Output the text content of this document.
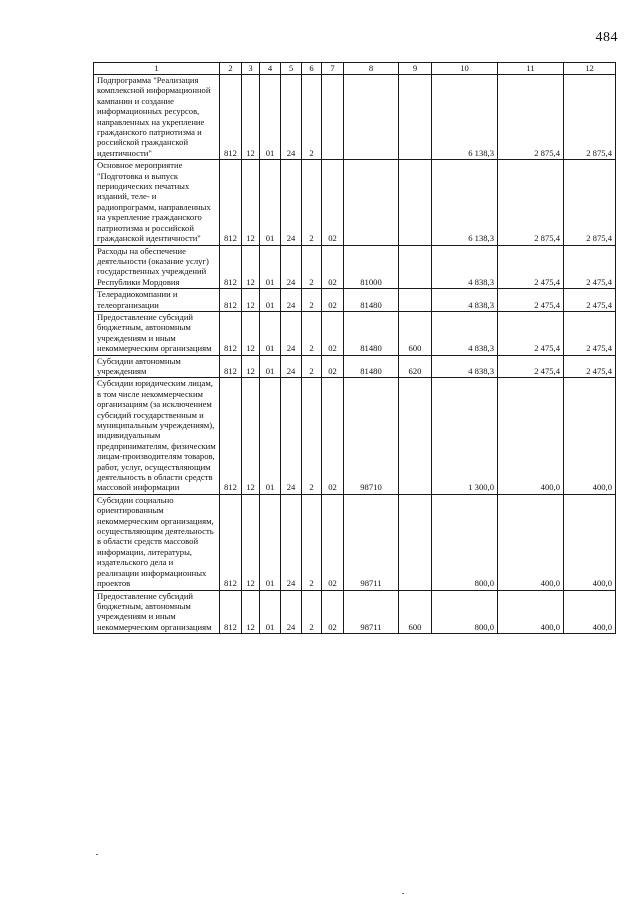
484
1	2	3	4	5	6	7	8	9	10	11	12
Подпрограмма "Реализация комплексной информационной кампании и создание информационных ресурсов, направленных на укрепление гражданского патриотизма и российской гражданской идентичности"	812	12	01	24	2				6 138,3	2 875,4	2 875,4
Основное мероприятие "Подготовка и выпуск периодических печатных изданий, теле- и радиопрограмм, направленных на укрепление гражданского патриотизма и российской гражданской идентичности"	812	12	01	24	2	02			6 138,3	2 875,4	2 875,4
Расходы на обеспечение деятельности (оказание услуг) государственных учреждений Республики Мордовия	812	12	01	24	2	02	81000		4 838,3	2 475,4	2 475,4
Телерадиокомпании и телеорганизации	812	12	01	24	2	02	81480		4 838,3	2 475,4	2 475,4
Предоставление субсидий бюджетным, автономным учреждениям и иным некоммерческим организациям	812	12	01	24	2	02	81480	600	4 838,3	2 475,4	2 475,4
Субсидии автономным учреждениям	812	12	01	24	2	02	81480	620	4 838,3	2 475,4	2 475,4
Субсидии юридическим лицам, в том числе некоммерческим организациям (за исключением субсидий государственным и муниципальным учреждениям), индивидуальным предпринимателям, физическим лицам-производителям товаров, работ, услуг, осуществляющим деятельность в области средств массовой информации	812	12	01	24	2	02	98710		1 300,0	400,0	400,0
Субсидии социально ориентированным некоммерческим организациям, осуществляющим деятельность в области средств массовой информации, литературы, издательского дела и реализации информационных проектов	812	12	01	24	2	02	98711		800,0	400,0	400,0
Предоставление субсидий бюджетным, автономным учреждениям и иным некоммерческим организациям	812	12	01	24	2	02	98711	600	800,0	400,0	400,0
